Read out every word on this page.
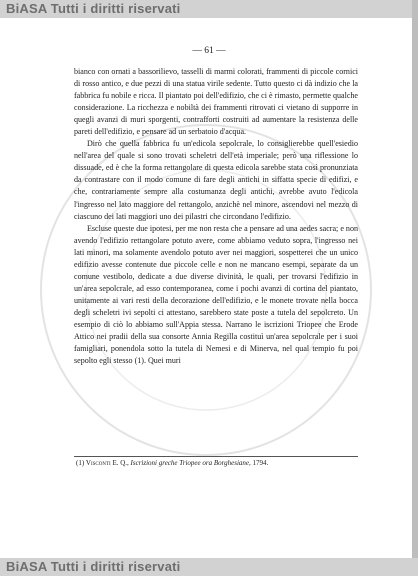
BiASA Tutti i diritti riservati
— 61 —

bianco con ornati a bassorilievo, tasselli di marmi colorati, frammenti di piccole cornici di rosso antico, e due pezzi di una statua virile sedente. Tutto questo ci dà indizio che la fabbrica fu nobile e ricca. Il piantato poi dell'edifizio, che ci è rimasto, permette qualche considerazione. La ricchezza e nobiltà dei frammenti ritrovati ci vietano di supporre in quegli avanzi di muri sporgenti, contrafforti costruiti ad aumentare la resistenza delle pareti dell'edifizio, e pensare ad un serbatoio d'acqua.

Dirò che quella fabbrica fu un'edicola sepolcrale, lo consiglierebbe quell'esiedio nell'area del quale si sono trovati scheletri dell'età imperiale; però una riflessione lo dissuade, ed è che la forma rettangolare di questa edicola sarebbe stata così pronunziata da contrastare con il modo comune di fare degli antichi in siffatta specie di edifizi, e che, contrariamente sempre alla costumanza degli antichi, avrebbe avuto l'edicola l'ingresso nel lato maggiore del rettangolo, anzichè nel minore, ascendovi nel mezzo di ciascuno dei lati maggiori uno dei pilastri che circondano l'edifizio.

Escluse queste due ipotesi, per me non resta che a pensare ad una aedes sacra; e non avendo l'edifizio rettangolare potuto avere, come abbiamo veduto sopra, l'ingresso nei lati minori, ma solamente avendolo potuto aver nei maggiori, sospetterei che un unico edifizio avesse contenute due piccole celle e non ne mancano esempi, separate da un comune vestibolo, dedicate a due diverse divinità, le quali, per trovarsi l'edifizio in un'area sepolcrale, ad esso contemporanea, come i pochi avanzi di cortina del piantato, unitamente ai vari resti della decorazione dell'edifizio, e le monete trovate nella bocca degli scheletri ivi sepolti ci attestano, sarebbero state poste a tutela del sepolcreto. Un esempio di ciò lo abbiamo sull'Appia stessa. Narrano le iscrizioni Triopee che Erode Attico nei pradii della sua consorte Annia Regilla costituì un'area sepolcrale per i suoi famigliari, ponendola sotto la tutela di Nemesi e di Minerva, nel qual tempio fu poi sepolto egli stesso (1). Quei muri

(1) Visconti E. Q., Iscrizioni greche Triopee ora Borghesiane, 1794.
BiASA Tutti i diritti riservati
